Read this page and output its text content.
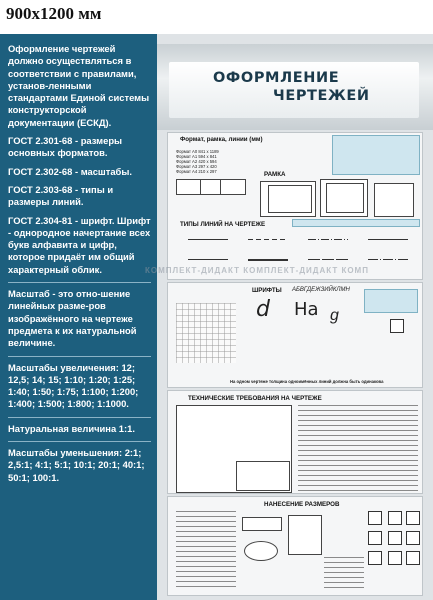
900x1200 мм

Оформление чертежей должно осуществляться в соответствии с правилами, установ-ленными стандартами Единой системы конструкторской документации (ЕСКД).

ГОСТ 2.301-68 - размеры основных форматов.

ГОСТ 2.302-68 - масштабы.

ГОСТ 2.303-68 - типы и размеры линий.

ГОСТ 2.304-81 - шрифт. Шрифт - однородное начертание всех букв алфавита и цифр, которое придаёт им общий характерный облик.

Масштаб - это отно-шение линейных разме-ров изображённого на чертеже предмета к их натуральной величине.

Масштабы увеличения: 12; 12,5; 14; 15; 1:10; 1:20; 1:25; 1:40; 1:50; 1:75; 1:100; 1:200; 1:400; 1:500; 1:800; 1:1000.

Натуральная величина 1:1.

Масштабы уменьшения: 2:1; 2,5:1; 4:1; 5:1; 10:1; 20:1; 40:1; 50:1; 100:1.

ОФОРМЛЕНИЕ
ЧЕРТЕЖЕЙ
Формат, рамка, линии (мм)
Формат А0 841 x 1189
Формат А1 594 x 841
Формат А2 420 x 594
Формат А3 297 x 420
Формат А4 210 x 297	РАМКА
ТИПЫ ЛИНИЙ НА ЧЕРТЕЖЕ
ШРИФТЫ АБВГДЕЖЗИЙКЛМН
d Hа g
На одном чертеже толщина одноимённых линий должна быть одинакова
КОМПЛЕКТ-ДИДАКТ КОМПЛЕКТ-ДИДАКТ КОМП
ТЕХНИЧЕСКИЕ ТРЕБОВАНИЯ НА ЧЕРТЕЖЕ
НАНЕСЕНИЕ РАЗМЕРОВ
